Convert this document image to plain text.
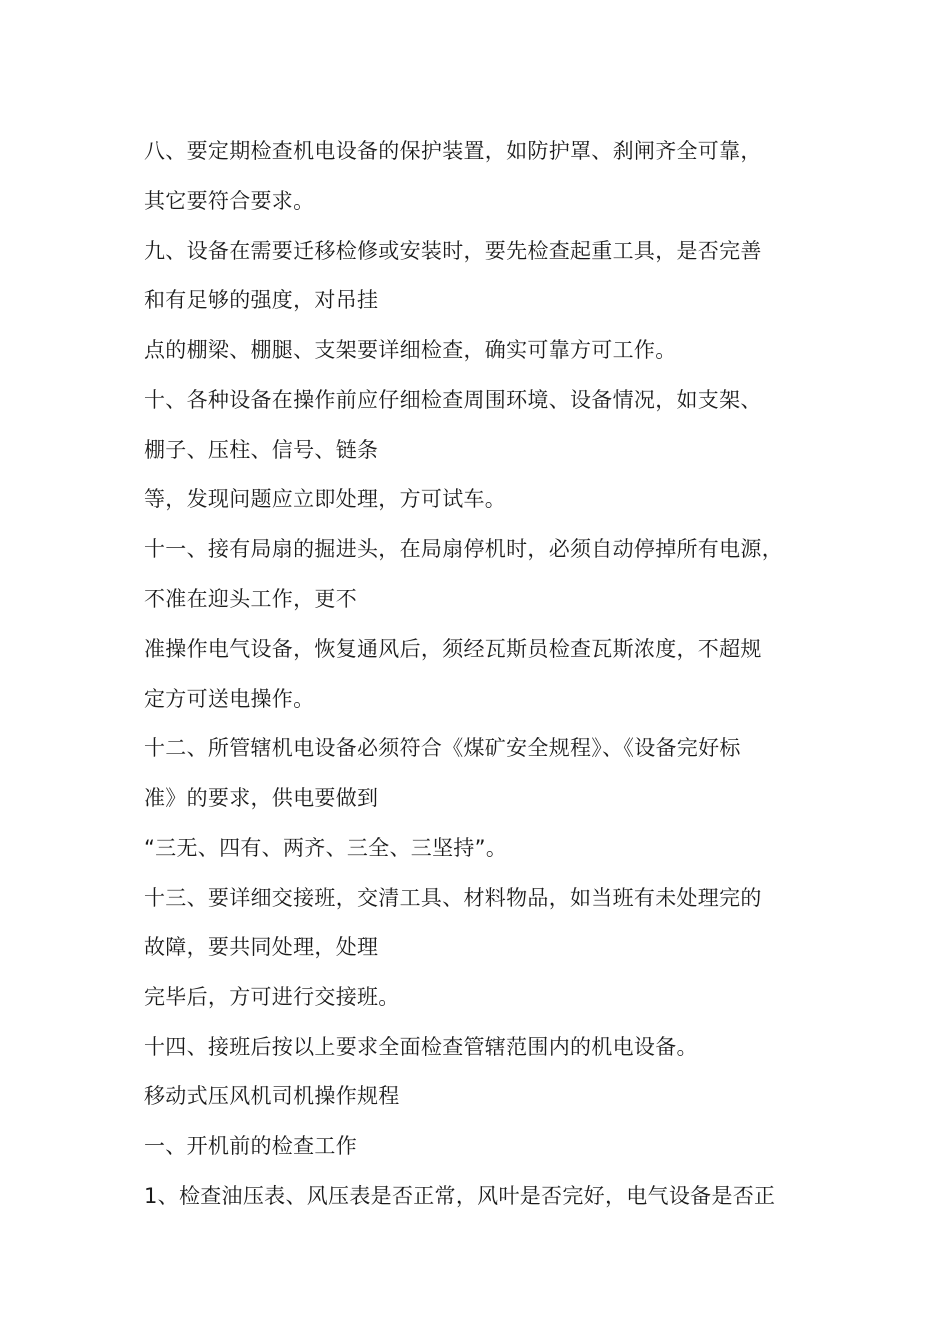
八、要定期检查机电设备的保护装置，如防护罩、刹闸齐全可靠，
其它要符合要求。
九、设备在需要迁移检修或安装时，要先检查起重工具，是否完善
和有足够的强度，对吊挂
点的棚梁、棚腿、支架要详细检查，确实可靠方可工作。
十、各种设备在操作前应仔细检查周围环境、设备情况，如支架、
棚子、压柱、信号、链条
等，发现问题应立即处理，方可试车。
十一、接有局扇的掘进头，在局扇停机时，必须自动停掉所有电源，
不准在迎头工作，更不
准操作电气设备，恢复通风后，须经瓦斯员检查瓦斯浓度，不超规
定方可送电操作。
十二、所管辖机电设备必须符合《煤矿安全规程》、《设备完好标
准》的要求，供电要做到
“三无、四有、两齐、三全、三坚持”。
十三、要详细交接班，交清工具、材料物品，如当班有未处理完的
故障，要共同处理，处理
完毕后，方可进行交接班。
十四、接班后按以上要求全面检查管辖范围内的机电设备。
移动式压风机司机操作规程
一、开机前的检查工作
1、检查油压表、风压表是否正常，风叶是否完好，电气设备是否正
